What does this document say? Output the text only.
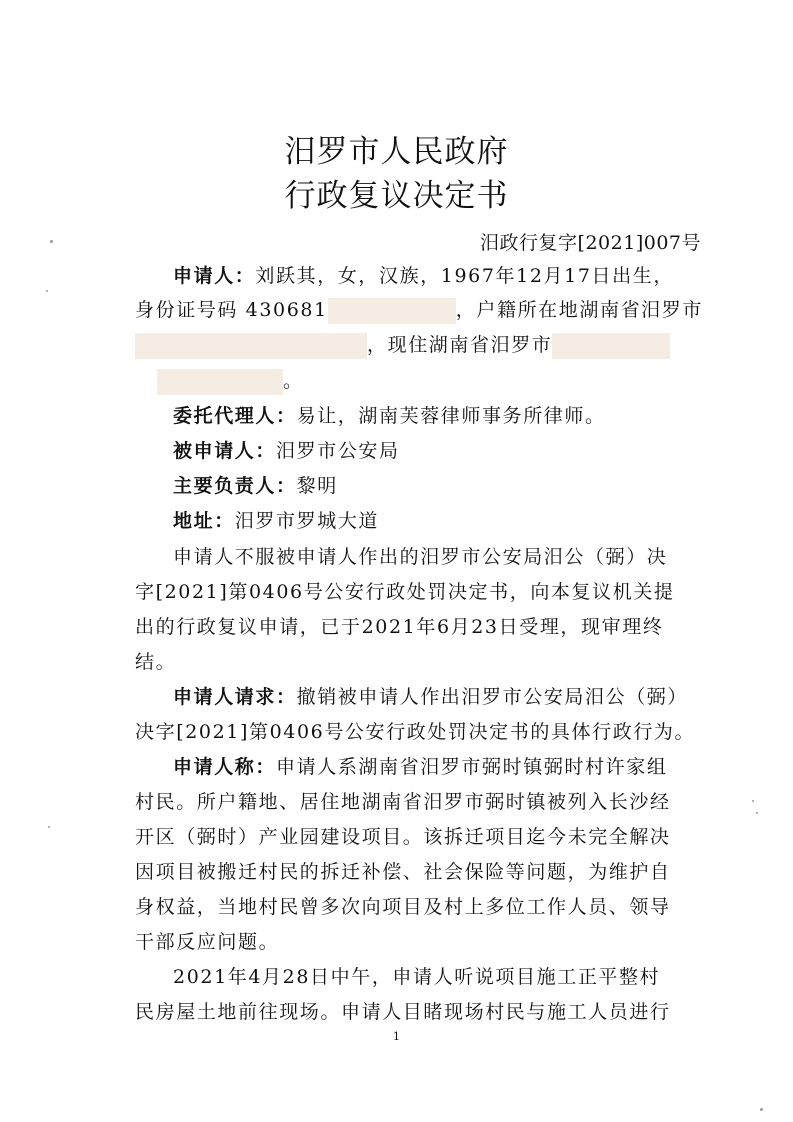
汨罗市人民政府
行政复议决定书
汨政行复字[2021]007号
申请人：刘跃其，女，汉族，1967年12月17日出生，
身份证号码 430681	，户籍所在地湖南省汨罗市
，现住湖南省汨罗市
。
委托代理人：易让，湖南芙蓉律师事务所律师。
被申请人：汨罗市公安局
主要负责人：黎明
地址：汨罗市罗城大道
申请人不服被申请人作出的汨罗市公安局汨公（弼）决
字[2021]第0406号公安行政处罚决定书，向本复议机关提
出的行政复议申请，已于2021年6月23日受理，现审理终
结。
申请人请求：撤销被申请人作出汨罗市公安局汨公（弼）
决字[2021]第0406号公安行政处罚决定书的具体行政行为。
申请人称：申请人系湖南省汨罗市弼时镇弼时村许家组
村民。所户籍地、居住地湖南省汨罗市弼时镇被列入长沙经
开区（弼时）产业园建设项目。该拆迁项目迄今未完全解决
因项目被搬迁村民的拆迁补偿、社会保险等问题，为维护自
身权益，当地村民曾多次向项目及村上多位工作人员、领导
干部反应问题。
2021年4月28日中午，申请人听说项目施工正平整村
民房屋土地前往现场。申请人目睹现场村民与施工人员进行
1
